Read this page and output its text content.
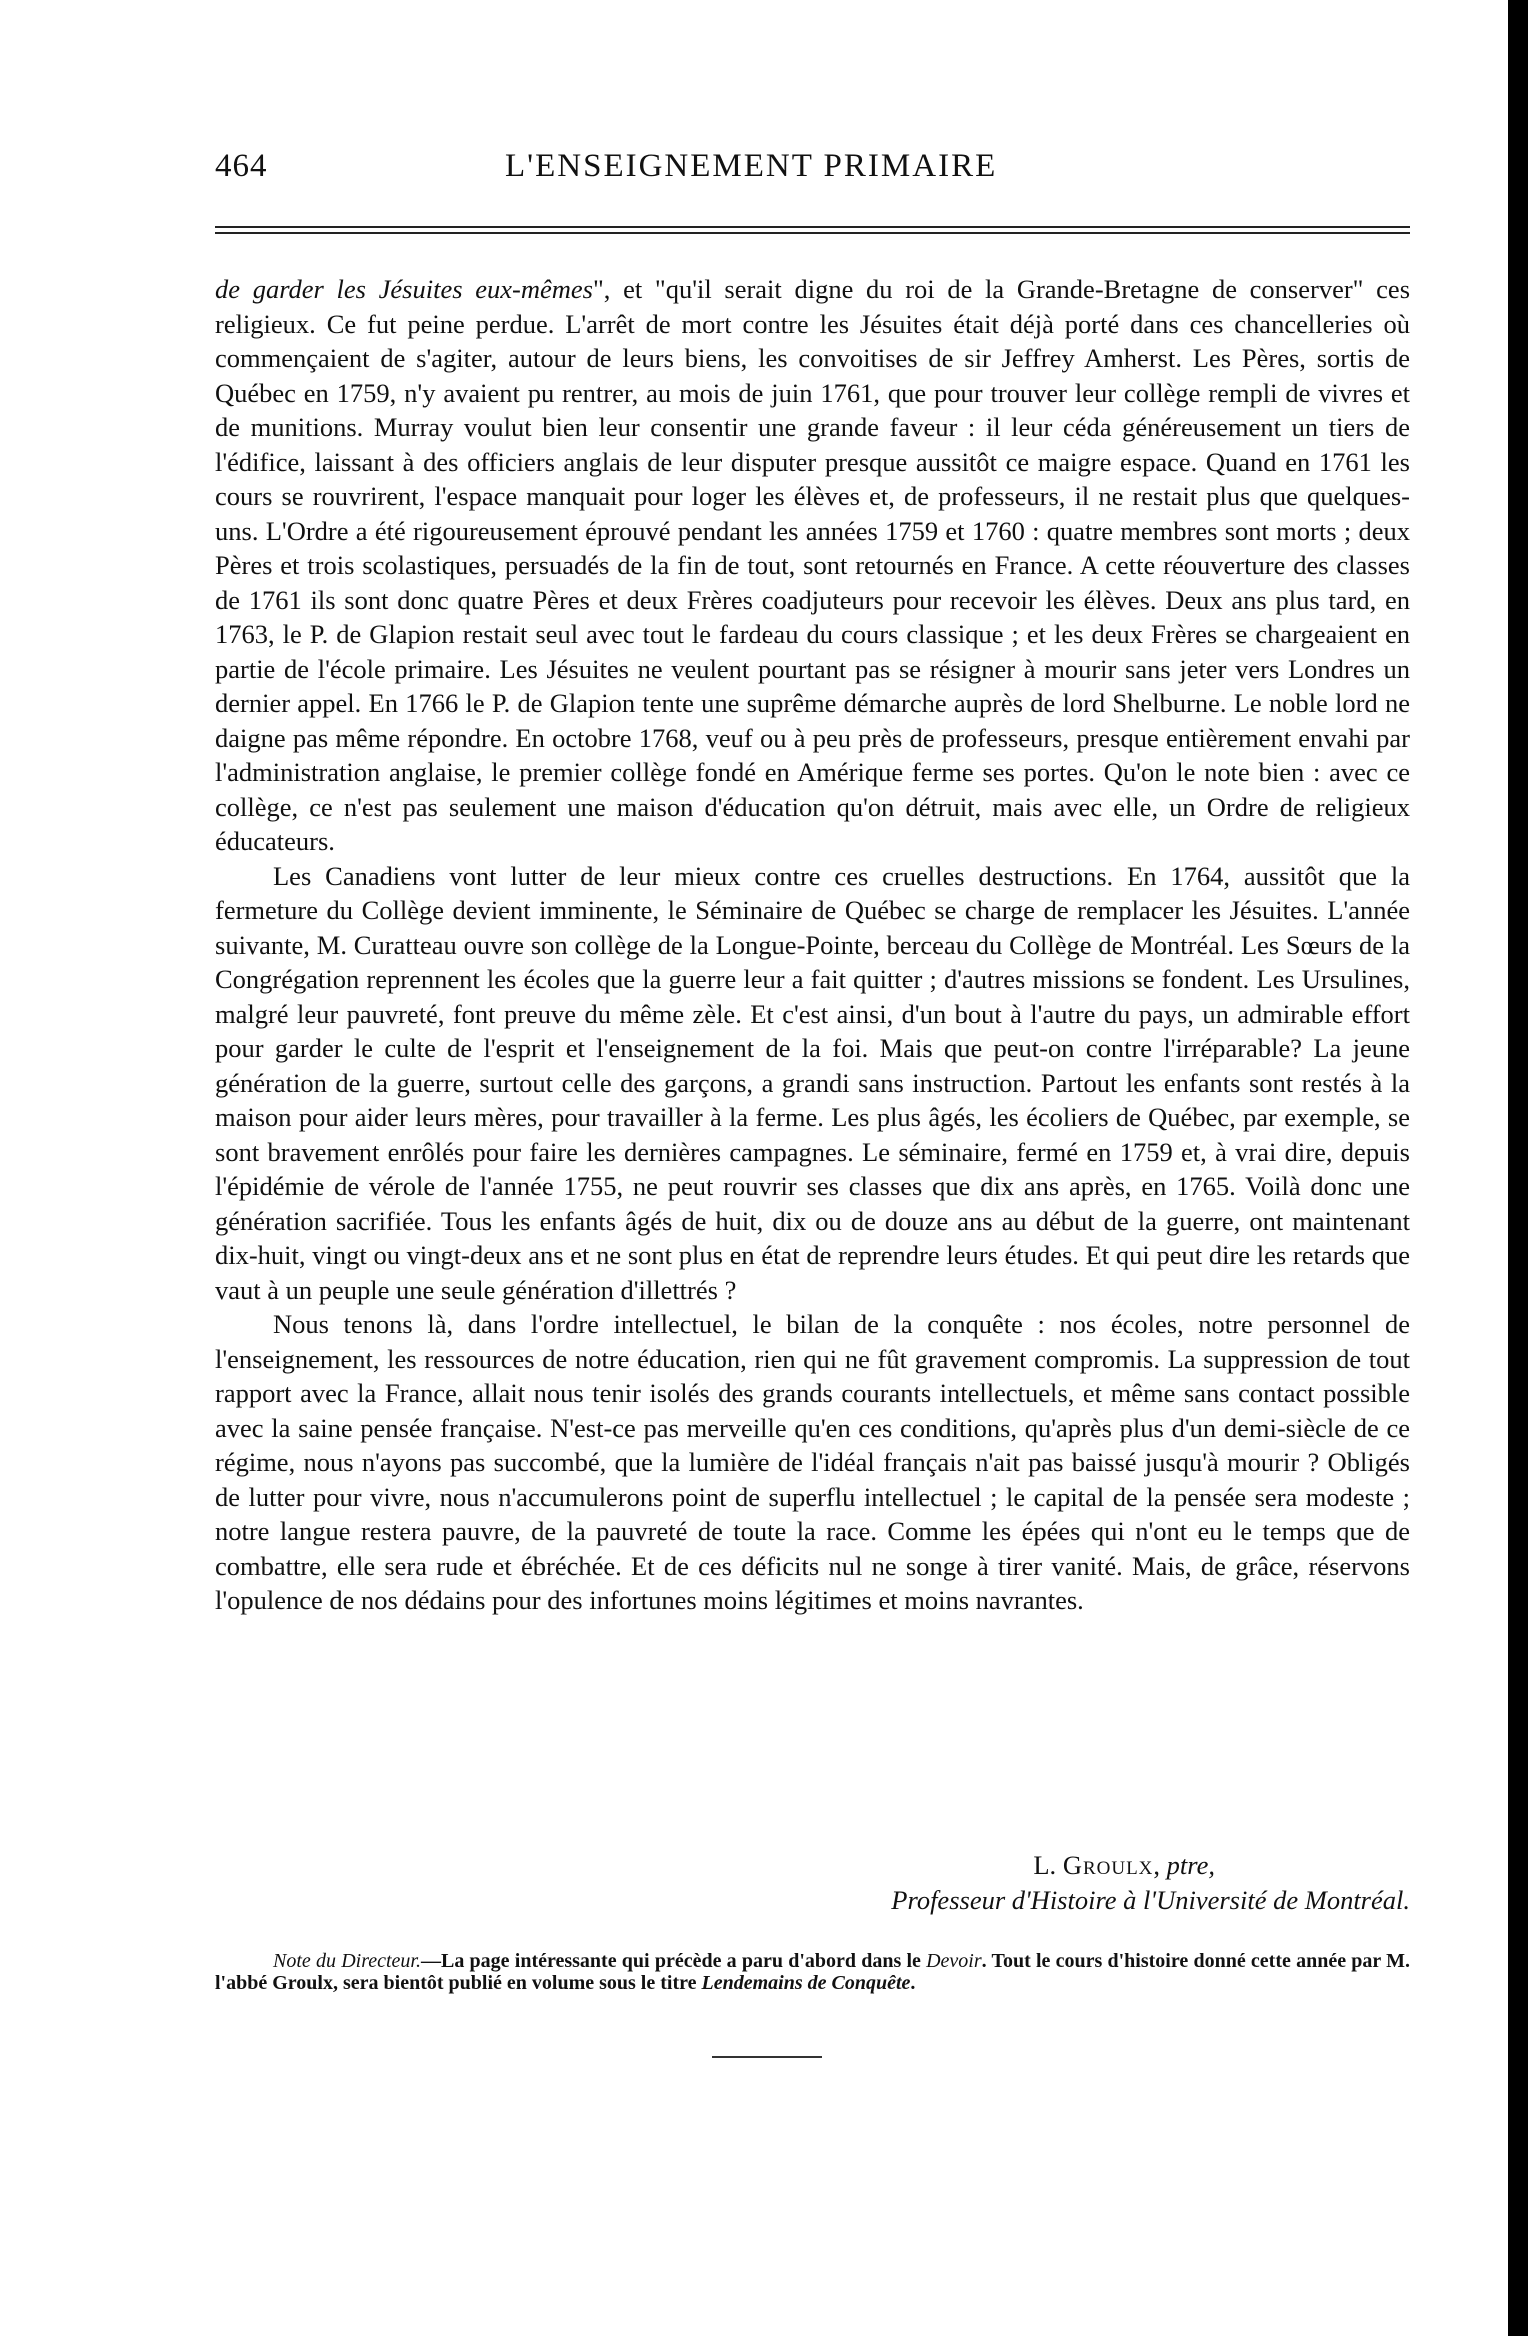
464	L'ENSEIGNEMENT PRIMAIRE

de garder les Jésuites eux-mêmes", et "qu'il serait digne du roi de la Grande-Bretagne de conserver" ces religieux. Ce fut peine perdue. L'arrêt de mort contre les Jésuites était déjà porté dans ces chancelleries où commençaient de s'agiter, autour de leurs biens, les convoitises de sir Jeffrey Amherst. Les Pères, sortis de Québec en 1759, n'y avaient pu rentrer, au mois de juin 1761, que pour trouver leur collège rempli de vivres et de munitions. Murray voulut bien leur consentir une grande faveur : il leur céda généreusement un tiers de l'édifice, laissant à des officiers anglais de leur disputer presque aussitôt ce maigre espace. Quand en 1761 les cours se rouvrirent, l'espace manquait pour loger les élèves et, de professeurs, il ne restait plus que quelques-uns. L'Ordre a été rigoureusement éprouvé pendant les années 1759 et 1760 : quatre membres sont morts ; deux Pères et trois scolastiques, persuadés de la fin de tout, sont retournés en France. A cette réouverture des classes de 1761 ils sont donc quatre Pères et deux Frères coadjuteurs pour recevoir les élèves. Deux ans plus tard, en 1763, le P. de Glapion restait seul avec tout le fardeau du cours classique ; et les deux Frères se chargeaient en partie de l'école primaire. Les Jésuites ne veulent pourtant pas se résigner à mourir sans jeter vers Londres un dernier appel. En 1766 le P. de Glapion tente une suprême démarche auprès de lord Shelburne. Le noble lord ne daigne pas même répondre. En octobre 1768, veuf ou à peu près de professeurs, presque entièrement envahi par l'administration anglaise, le premier collège fondé en Amérique ferme ses portes. Qu'on le note bien : avec ce collège, ce n'est pas seulement une maison d'éducation qu'on détruit, mais avec elle, un Ordre de religieux éducateurs.

Les Canadiens vont lutter de leur mieux contre ces cruelles destructions. En 1764, aussitôt que la fermeture du Collège devient imminente, le Séminaire de Québec se charge de remplacer les Jésuites. L'année suivante, M. Curatteau ouvre son collège de la Longue-Pointe, berceau du Collège de Montréal. Les Sœurs de la Congrégation reprennent les écoles que la guerre leur a fait quitter ; d'autres missions se fondent. Les Ursulines, malgré leur pauvreté, font preuve du même zèle. Et c'est ainsi, d'un bout à l'autre du pays, un admirable effort pour garder le culte de l'esprit et l'enseignement de la foi. Mais que peut-on contre l'irréparable? La jeune génération de la guerre, surtout celle des garçons, a grandi sans instruction. Partout les enfants sont restés à la maison pour aider leurs mères, pour travailler à la ferme. Les plus âgés, les écoliers de Québec, par exemple, se sont bravement enrôlés pour faire les dernières campagnes. Le séminaire, fermé en 1759 et, à vrai dire, depuis l'épidémie de vérole de l'année 1755, ne peut rouvrir ses classes que dix ans après, en 1765. Voilà donc une génération sacrifiée. Tous les enfants âgés de huit, dix ou de douze ans au début de la guerre, ont maintenant dix-huit, vingt ou vingt-deux ans et ne sont plus en état de reprendre leurs études. Et qui peut dire les retards que vaut à un peuple une seule génération d'illettrés ?

Nous tenons là, dans l'ordre intellectuel, le bilan de la conquête : nos écoles, notre personnel de l'enseignement, les ressources de notre éducation, rien qui ne fût gravement compromis. La suppression de tout rapport avec la France, allait nous tenir isolés des grands courants intellectuels, et même sans contact possible avec la saine pensée française. N'est-ce pas merveille qu'en ces conditions, qu'après plus d'un demi-siècle de ce régime, nous n'ayons pas succombé, que la lumière de l'idéal français n'ait pas baissé jusqu'à mourir ? Obligés de lutter pour vivre, nous n'accumulerons point de superflu intellectuel ; le capital de la pensée sera modeste ; notre langue restera pauvre, de la pauvreté de toute la race. Comme les épées qui n'ont eu le temps que de combattre, elle sera rude et ébréchée. Et de ces déficits nul ne songe à tirer vanité. Mais, de grâce, réservons l'opulence de nos dédains pour des infortunes moins légitimes et moins navrantes.

L. Groulx, ptre,
Professeur d'Histoire à l'Université de Montréal.
Note du Directeur.—La page intéressante qui précède a paru d'abord dans le Devoir. Tout le cours d'histoire donné cette année par M. l'abbé Groulx, sera bientôt publié en volume sous le titre Lendemains de Conquête.
